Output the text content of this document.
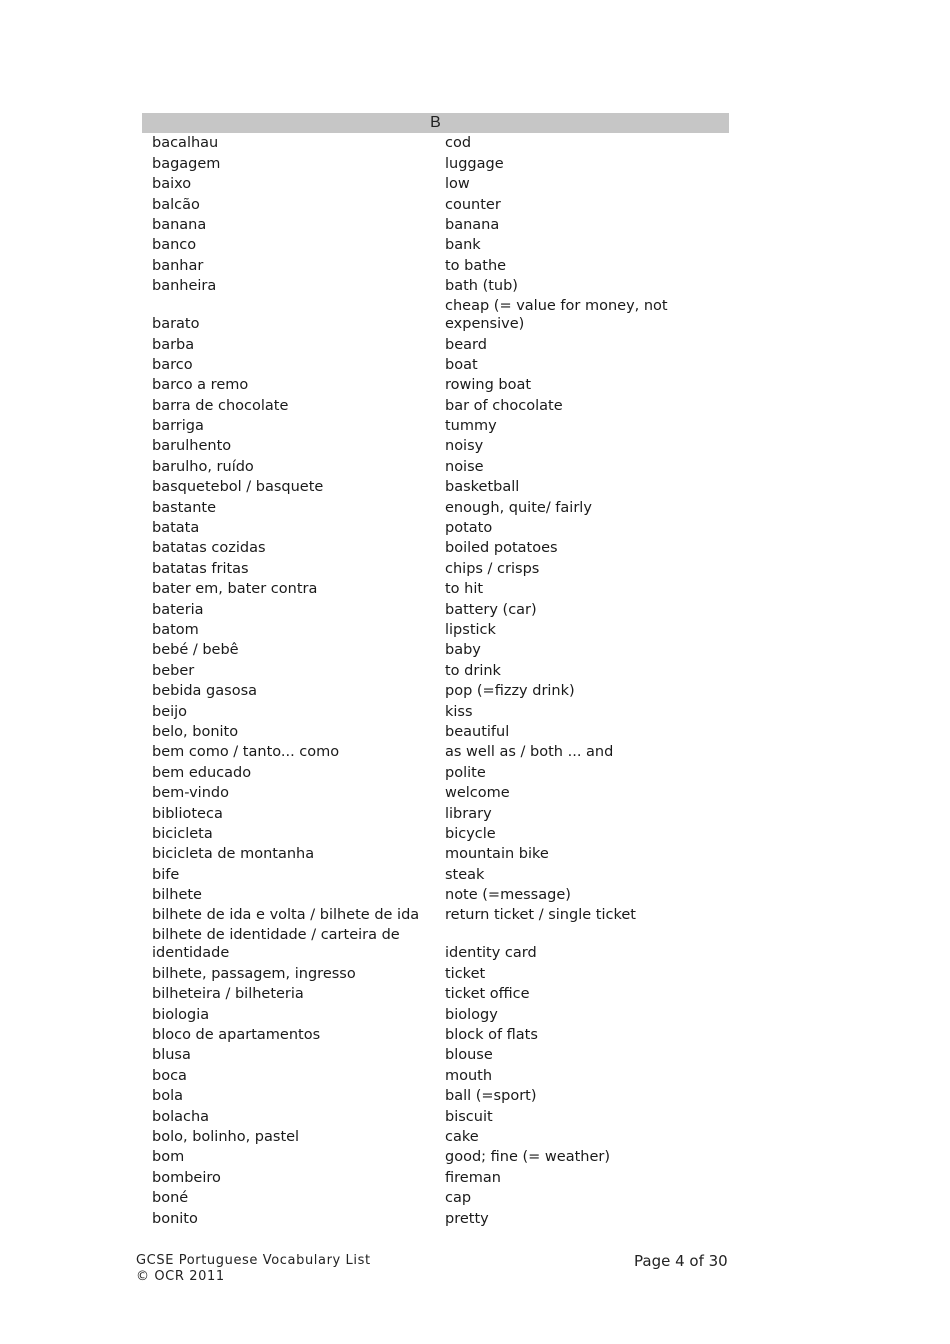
B
bacalhau	cod
bagagem	luggage
baixo	low
balcão	counter
banana	banana
banco	bank
banhar	to bathe
banheira	bath (tub)
barato	cheap (= value for money, not expensive)
barba	beard
barco	boat
barco a remo	rowing boat
barra de chocolate	bar of chocolate
barriga	tummy
barulhento	noisy
barulho, ruído	noise
basquetebol / basquete	basketball
bastante	enough, quite/ fairly
batata	potato
batatas cozidas	boiled potatoes
batatas fritas	chips / crisps
bater em, bater contra	to hit
bateria	battery (car)
batom	lipstick
bebé / bebê	baby
beber	to drink
bebida gasosa	pop (=fizzy drink)
beijo	kiss
belo, bonito	beautiful
bem como / tanto... como	as well as / both ... and
bem educado	polite
bem-vindo	welcome
biblioteca	library
bicicleta	bicycle
bicicleta de montanha	mountain bike
bife	steak
bilhete	note (=message)
bilhete de ida e volta / bilhete de ida	return ticket / single ticket
bilhete de identidade / carteira de identidade	identity card
bilhete, passagem, ingresso	ticket
bilheteira / bilheteria	ticket office
biologia	biology
bloco de apartamentos	block of flats
blusa	blouse
boca	mouth
bola	ball (=sport)
bolacha	biscuit
bolo, bolinho, pastel	cake
bom	good; fine (= weather)
bombeiro	fireman
boné	cap
bonito	pretty
GCSE Portuguese Vocabulary List
© OCR 2011
Page 4 of 30
